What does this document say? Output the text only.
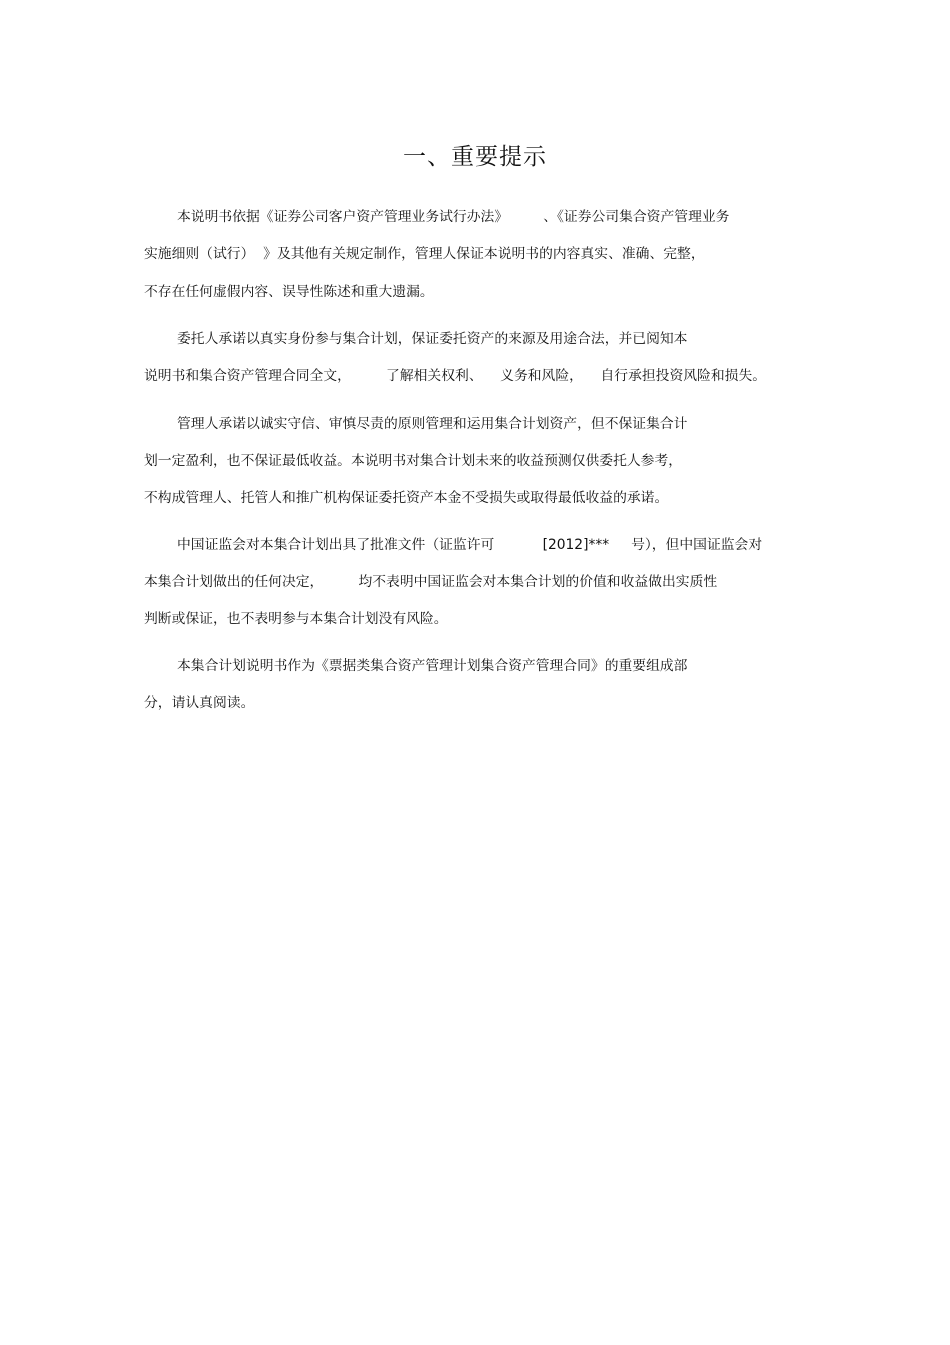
一、重要提示
本说明书依据《证券公司客户资产管理业务试行办法》        、《证券公司集合资产管理业务
实施细则（试行）  》及其他有关规定制作，管理人保证本说明书的内容真实、准确、完整，
不存在任何虚假内容、误导性陈述和重大遗漏。
委托人承诺以真实身份参与集合计划，保证委托资产的来源及用途合法，并已阅知本
说明书和集合资产管理合同全文，        了解相关权利、    义务和风险，    自行承担投资风险和损失。
管理人承诺以诚实守信、审慎尽责的原则管理和运用集合计划资产，但不保证集合计
划一定盈利，也不保证最低收益。本说明书对集合计划未来的收益预测仅供委托人参考，
不构成管理人、托管人和推广机构保证委托资产本金不受损失或取得最低收益的承诺。
中国证监会对本集合计划出具了批准文件（证监许可           [2012]***     号），但中国证监会对
本集合计划做出的任何决定，        均不表明中国证监会对本集合计划的价值和收益做出实质性
判断或保证，也不表明参与本集合计划没有风险。
本集合计划说明书作为《票据类集合资产管理计划集合资产管理合同》的重要组成部
分，请认真阅读。
